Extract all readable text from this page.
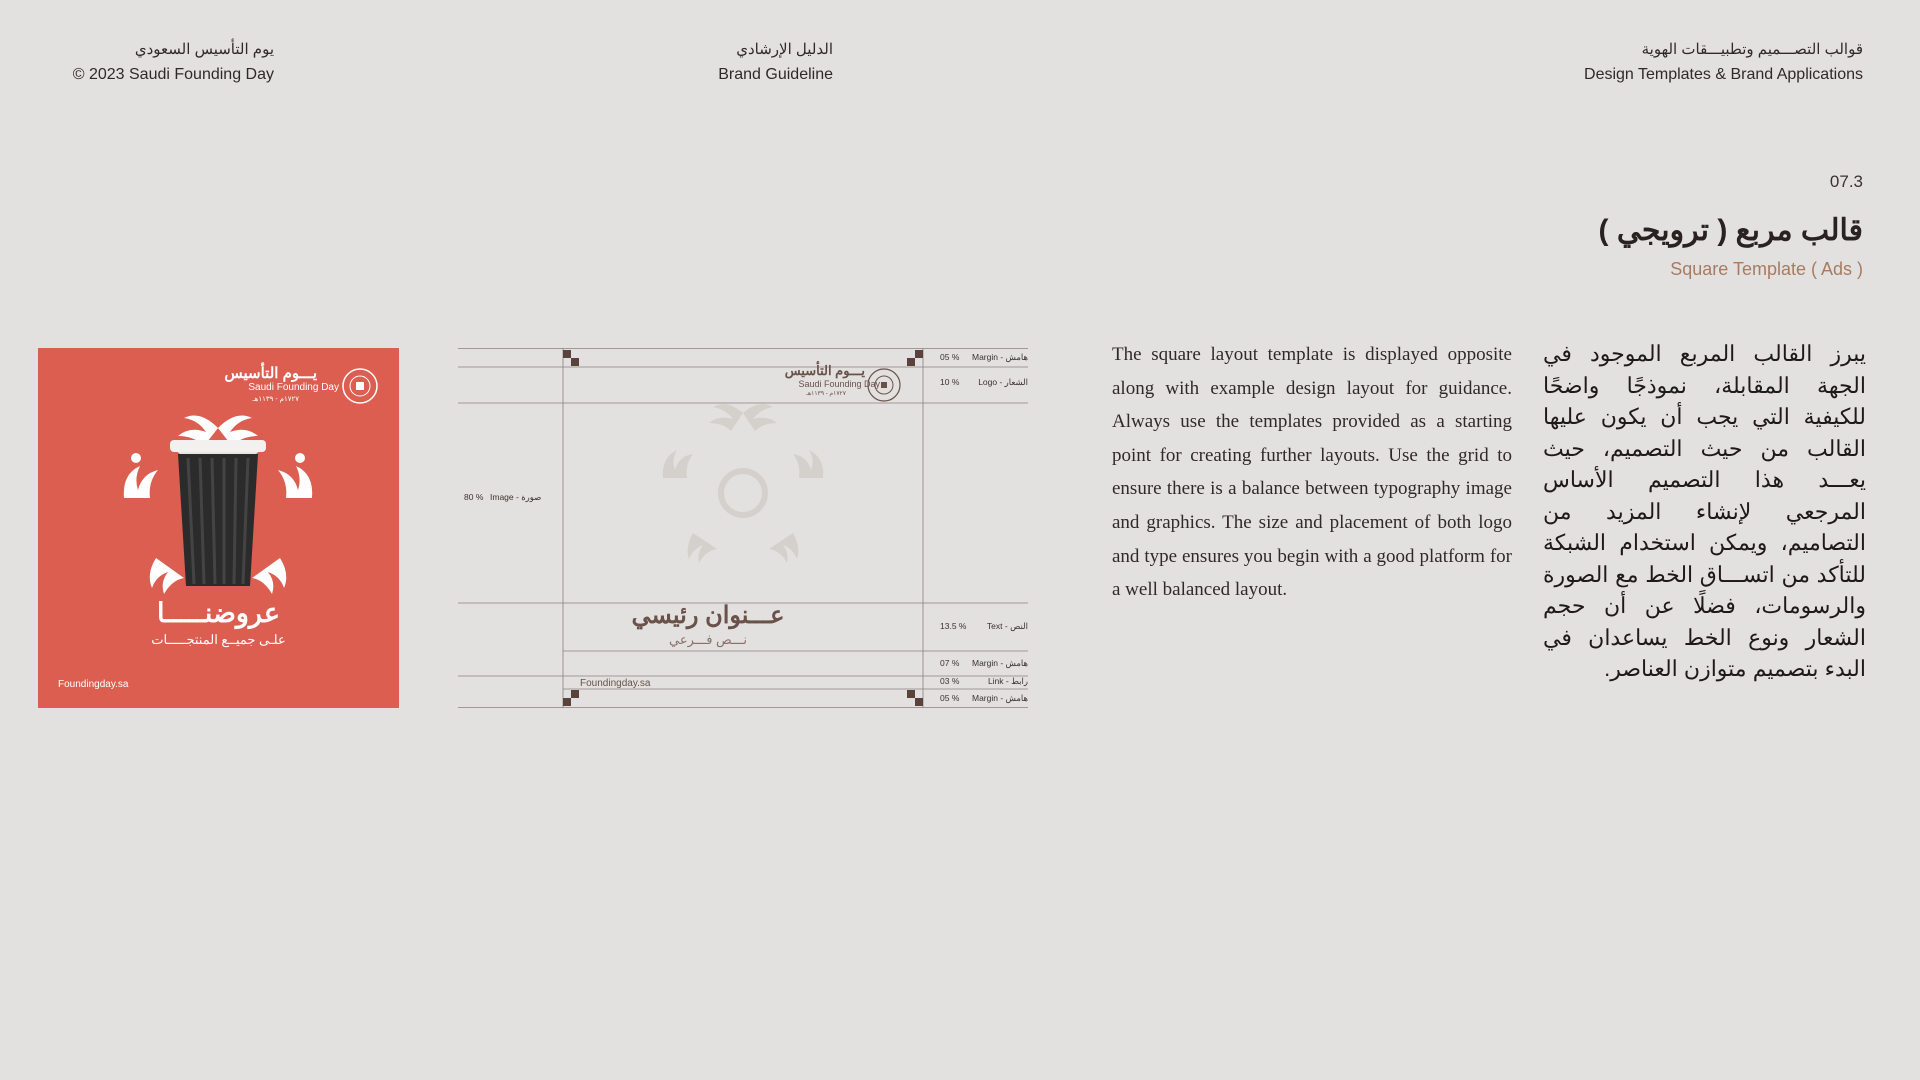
قوالب التصـــميم وتطبيـــقات الهوية
Design Templates & Brand Applications
الدليل الإرشادي
Brand Guideline
يوم التأسيس السعودي
© 2023 Saudi Founding Day
07.3
قالب مربع ( ترويجي )
Square Template ( Ads )
The square layout template is displayed opposite along with example design layout for guidance. Always use the templates provided as a starting point for creating further layouts. Use the grid to ensure there is a balance between typography image and graphics. The size and placement of both logo and type ensures you begin with a good platform for a well balanced layout.
يبرز القالب المربع الموجود في الجهة المقابلة، نموذجًا واضحًا للكيفية التي يجب أن يكون عليها القالب من حيث التصميم، حيث يعـــد هذا التصميم الأساس المرجعي لإنشاء المزيد من التصاميم، ويمكن استخدام الشبكة للتأكد من اتســـاق الخط مع الصورة والرسومات، فضلًا عن أن حجم الشعار ونوع الخط يساعدان في البدء بتصميم متوازن العناصر.
يـــوم التأسيس
Saudi Founding Day
١٧٢٧م - ١١٣٩هـ
عروضنـــــا
علـى جميــع المنتجـــــات
Foundingday.sa
يـــوم التأسيس
Saudi Founding Day
١٧٢٧م - ١١٣٩هـ
عـــنوان رئيسي
نـــص فـــرعي
Foundingday.sa
80 % Image - صورة
05 % Margin - هامش
10 % Logo - الشعار
13.5 % Text - النص
07 % Margin - هامش
03 %	Link - رابط
05 % Margin - هامش
